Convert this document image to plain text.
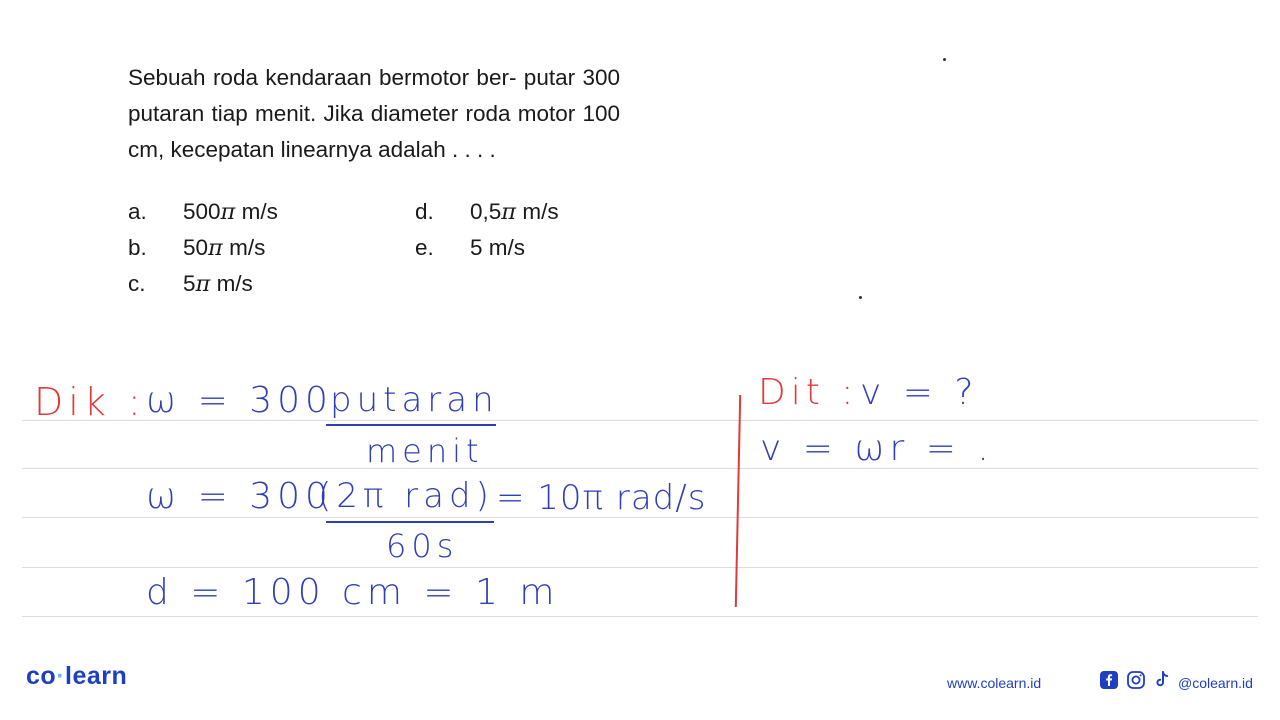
Sebuah roda kendaraan bermotor ber- putar 300 putaran tiap menit. Jika diameter roda motor 100 cm, kecepatan linearnya adalah . . . .

a. 500π m/s
b. 50π m/s
c. 5π m/s
d. 0,5π m/s
e. 5 m/s
Dik : ω = 300
putaran
menit
ω = 300
(2π rad)
60s
= 10π rad/s
d = 100 cm = 1 m
Dit : v = ?
v = ωr = .
co·learn	www.colearn.id	@colearn.id
